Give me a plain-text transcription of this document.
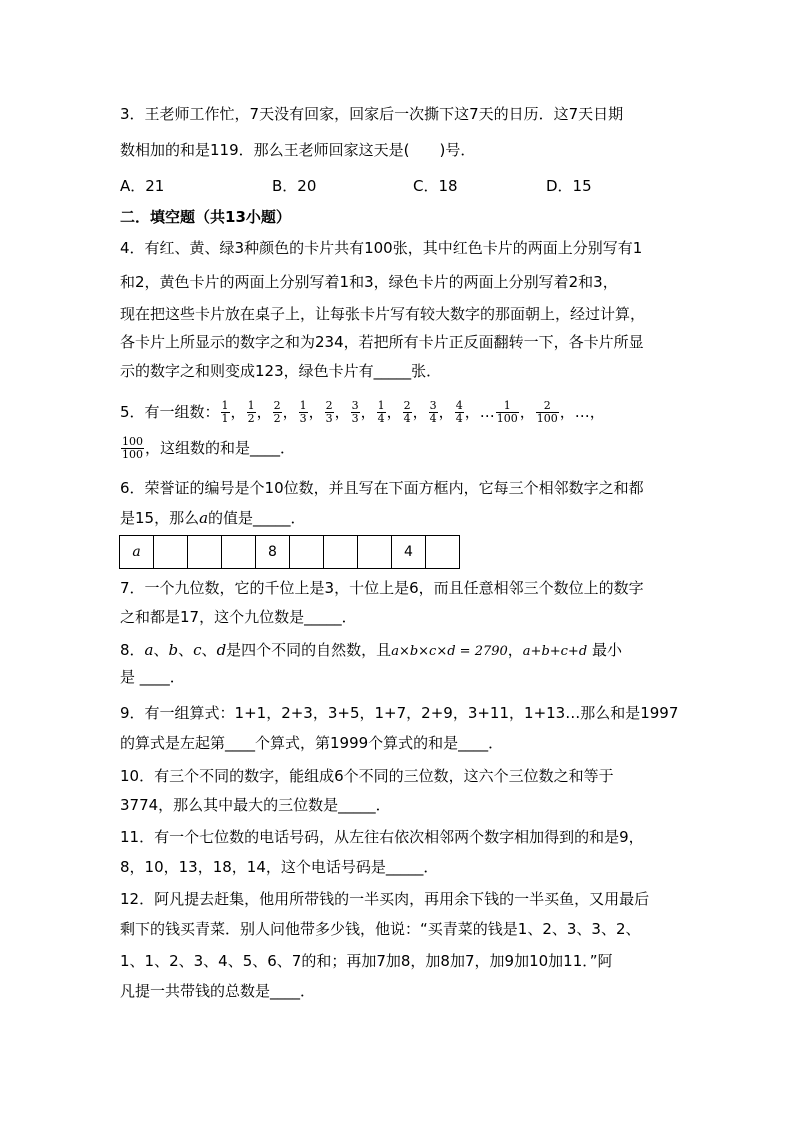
3．王老师工作忙，7天没有回家，回家后一次撕下这7天的日历．这7天日期
数相加的和是119．那么王老师回家这天是(　　)号．
A．21	B．20	C．18	D．15
二．填空题（共13小题）
4．有红、黄、绿3种颜色的卡片共有100张，其中红色卡片的两面上分别写有1
和2，黄色卡片的两面上分别写着1和3，绿色卡片的两面上分别写着2和3，
现在把这些卡片放在桌子上，让每张卡片写有较大数字的那面朝上，经过计算，
各卡片上所显示的数字之和为234，若把所有卡片正反面翻转一下，各卡片所显
示的数字之和则变成123，绿色卡片有_____张．
5．有一组数： $\frac{1}{1}$ ， $\frac{1}{2}$ ， $\frac{2}{2}$ ， $\frac{1}{3}$ ， $\frac{2}{3}$ ， $\frac{3}{3}$ ， $\frac{1}{4}$ ， $\frac{2}{4}$ ， $\frac{3}{4}$ ， $\frac{4}{4}$ ，… $\frac{1}{100}$ ， $\frac{2}{100}$ ，…，
$\frac{100}{100}$ ，这组数的和是____．
6．荣誉证的编号是个10位数，并且写在下面方框内，它每三个相邻数字之和都
是15，那么a的值是_____．
a				8				4	
7．一个九位数，它的千位上是3，十位上是6，而且任意相邻三个数位上的数字
之和都是17，这个九位数是_____．
8．a、b、c、d是四个不同的自然数，且a×b×c×d = 2790，a+b+c+d 最小
是 ____．
9．有一组算式：1+1，2+3，3+5，1+7，2+9，3+11，1+13…那么和是1997
的算式是左起第____个算式，第1999个算式的和是____．
10．有三个不同的数字，能组成6个不同的三位数，这六个三位数之和等于
3774，那么其中最大的三位数是_____．
11．有一个七位数的电话号码，从左往右依次相邻两个数字相加得到的和是9，
8，10，13，18，14，这个电话号码是_____．
12．阿凡提去赶集，他用所带钱的一半买肉，再用余下钱的一半买鱼，又用最后
剩下的钱买青菜．别人问他带多少钱，他说：“买青菜的钱是1、2、3、3、2、
1、1、2、3、4、5、6、7的和；再加7加8，加8加7，加9加10加11．”阿
凡提一共带钱的总数是____．
